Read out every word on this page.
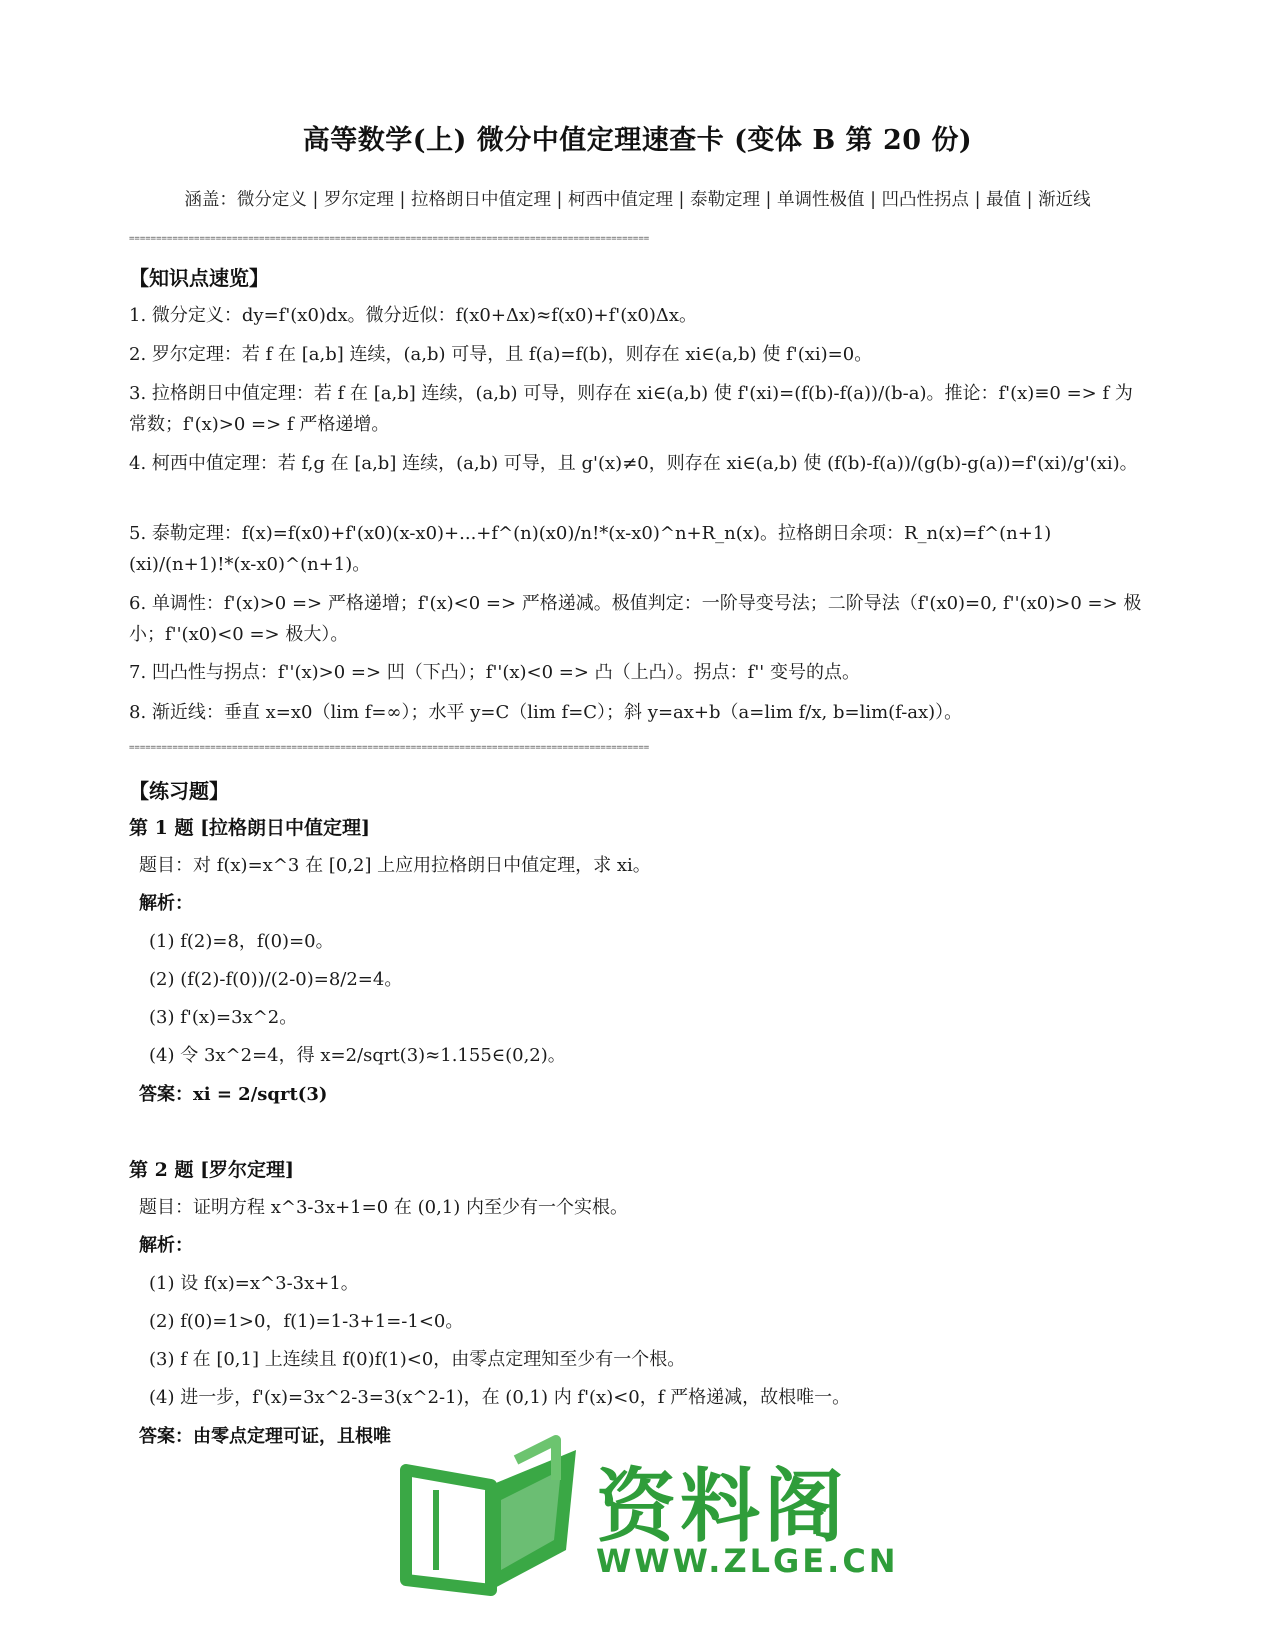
高等数学(上) 微分中值定理速查卡 (变体 B 第 20 份)
涵盖：微分定义 | 罗尔定理 | 拉格朗日中值定理 | 柯西中值定理 | 泰勒定理 | 单调性极值 | 凹凸性拐点 | 最值 | 渐近线
================================================================================================
【知识点速览】
1. 微分定义：dy=f'(x0)dx。微分近似：f(x0+Δx)≈f(x0)+f'(x0)Δx。
2. 罗尔定理：若 f 在 [a,b] 连续，(a,b) 可导，且 f(a)=f(b)，则存在 xi∈(a,b) 使 f'(xi)=0。
3. 拉格朗日中值定理：若 f 在 [a,b] 连续，(a,b) 可导，则存在 xi∈(a,b) 使 f'(xi)=(f(b)-f(a))/(b-a)。推论：f'(x)≡0 => f 为常数；f'(x)>0 => f 严格递增。
4. 柯西中值定理：若 f,g 在 [a,b] 连续，(a,b) 可导，且 g'(x)≠0，则存在 xi∈(a,b) 使 (f(b)-f(a))/(g(b)-g(a))=f'(xi)/g'(xi)。
5. 泰勒定理：f(x)=f(x0)+f'(x0)(x-x0)+...+f^(n)(x0)/n!*(x-x0)^n+R_n(x)。拉格朗日余项：R_n(x)=f^(n+1)(xi)/(n+1)!*(x-x0)^(n+1)。
6. 单调性：f'(x)>0 => 严格递增；f'(x)<0 => 严格递减。极值判定：一阶导变号法；二阶导法（f'(x0)=0, f''(x0)>0 => 极小；f''(x0)<0 => 极大）。
7. 凹凸性与拐点：f''(x)>0 => 凹（下凸）；f''(x)<0 => 凸（上凸）。拐点：f'' 变号的点。
8. 渐近线：垂直 x=x0（lim f=∞）；水平 y=C（lim f=C）；斜 y=ax+b（a=lim f/x, b=lim(f-ax)）。
================================================================================================
【练习题】
第 1 题 [拉格朗日中值定理]
题目：对 f(x)=x^3 在 [0,2] 上应用拉格朗日中值定理，求 xi。
解析：
(1) f(2)=8，f(0)=0。
(2) (f(2)-f(0))/(2-0)=8/2=4。
(3) f'(x)=3x^2。
(4) 令 3x^2=4，得 x=2/sqrt(3)≈1.155∈(0,2)。
答案：xi = 2/sqrt(3)
第 2 题 [罗尔定理]
题目：证明方程 x^3-3x+1=0 在 (0,1) 内至少有一个实根。
解析：
(1) 设 f(x)=x^3-3x+1。
(2) f(0)=1>0，f(1)=1-3+1=-1<0。
(3) f 在 [0,1] 上连续且 f(0)f(1)<0，由零点定理知至少有一个根。
(4) 进一步，f'(x)=3x^2-3=3(x^2-1)，在 (0,1) 内 f'(x)<0，f 严格递减，故根唯一。
答案：由零点定理可证，且根唯
资料阁
WWW.ZLGE.CN
